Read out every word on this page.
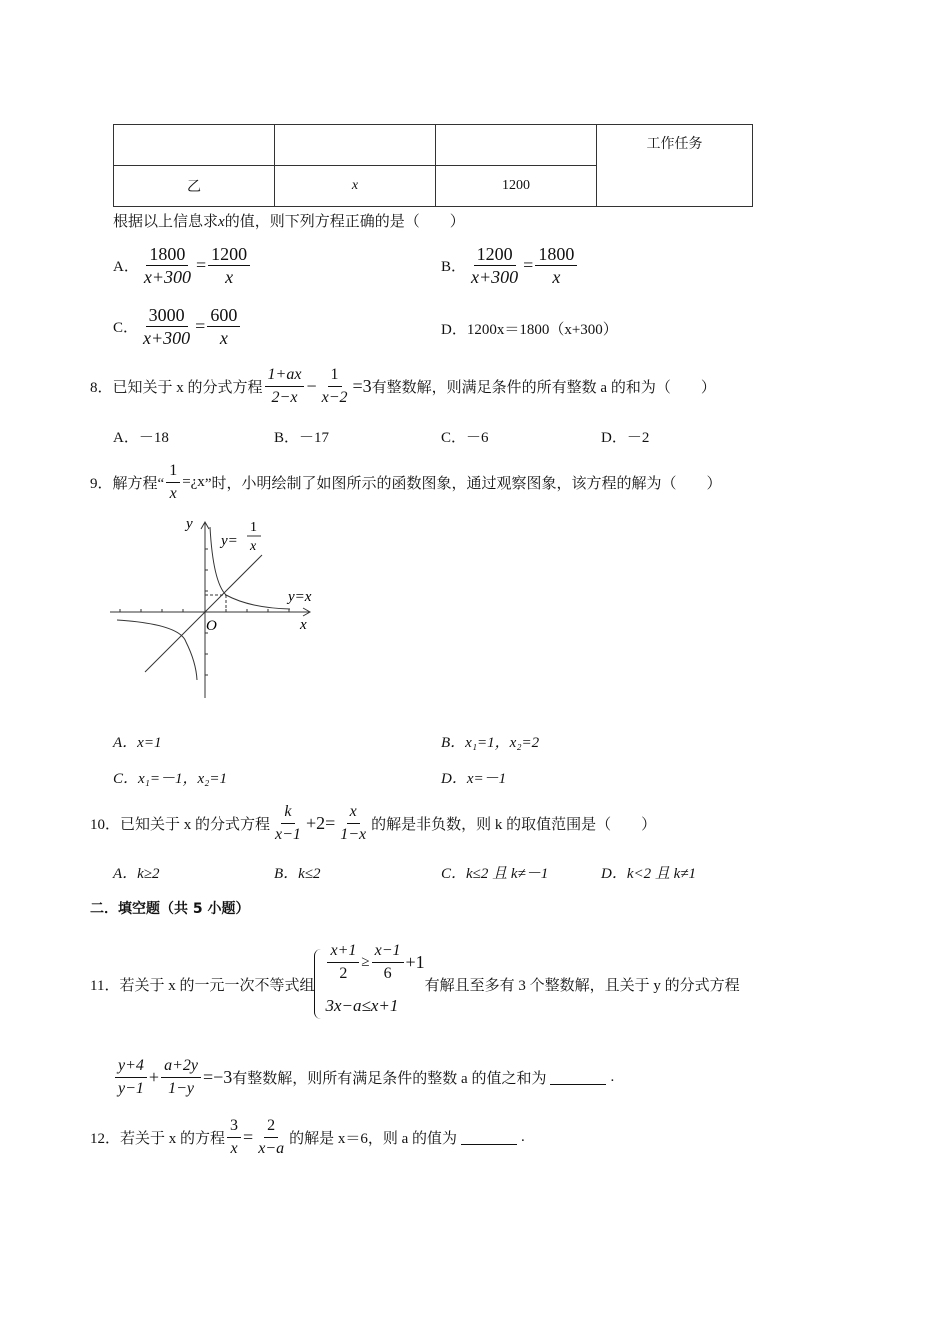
			工作任务
乙	x	1200	
根据以上信息求x的值，则下列方程正确的是（　　）
A． $\frac{1800}{x+300} = \frac{1200}{x}$	B． $\frac{1200}{x+300} = \frac{1800}{x}$
C． $\frac{3000}{x+300} = \frac{600}{x}$	D．1200x＝1800（x+300）
8． 已知关于 x 的分式方程 $\frac{1+ax}{2-x} - \frac{1}{x-2} =3$ 有整数解，则满足条件的所有整数 a 的和为（　　）
A．－18	B．－17	C．－6	D．－2
9． 解方程“ $\frac{1}{x}$ =¿x ”时，小明绘制了如图所示的函数图象，通过观察图象，该方程的解为（　　）
y
x
O
y=
1
x
y=x
A．x=1	B．x₁=1，x₂=2
C．x₁=－1，x₂=1	D．x=－1
10． 已知关于 x 的分式方程 $\frac{k}{x-1} +2= \frac{x}{1-x}$ 的解是非负数，则 k 的取值范围是（　　）
A．k≥2	B．k≤2	C．k≤2 且 k≠－1	D．k<2 且 k≠1
二．填空题（共 5 小题）
11． 若关于 x 的一元一次不等式组
$\frac{x+1}{2} \ge \frac{x-1}{6} +1$
3x−a≤x+1
有解且至多有 3 个整数解，且关于 y 的分式方程
$\frac{y+4}{y-1} + \frac{a+2y}{1-y} =-3$ 有整数解，则所有满足条件的整数 a 的值之和为	.
12． 若关于 x 的方程 $\frac{3}{x} = \frac{2}{x-a}$ 的解是 x＝6，则 a 的值为	.
